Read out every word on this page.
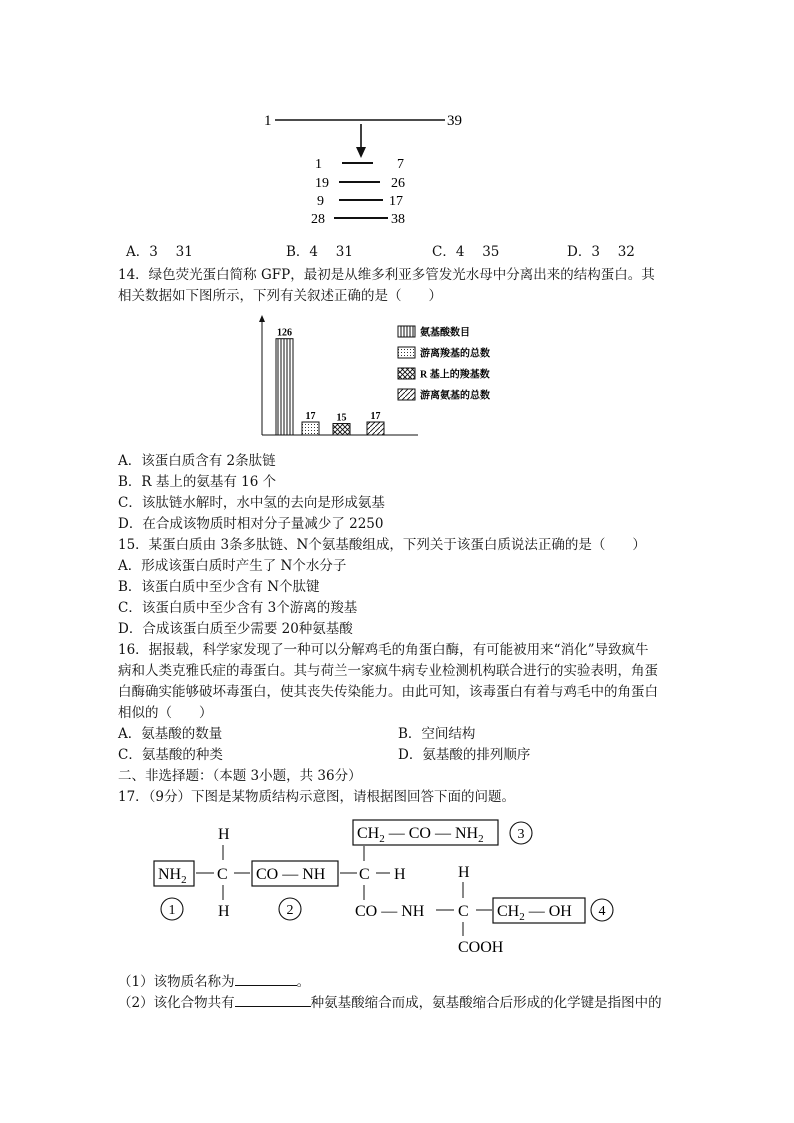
1	39
1	7
19	26
9	17
28	38
A．3　 31	B．4　 31	C．4　 35	D．3　 32
14．绿色荧光蛋白简称 GFP，最初是从维多利亚多管发光水母中分离出来的结构蛋白。其
相关数据如下图所示，下列有关叙述正确的是（　　）
126
17 15 17
氨基酸数目
游离羧基的总数
R 基上的羧基数
游离氨基的总数
A．该蛋白质含有 2条肽链
B．R 基上的氨基有 16 个
C．该肽链水解时，水中氢的去向是形成氨基
D．在合成该物质时相对分子量减少了 2250
15．某蛋白质由 3条多肽链、N个氨基酸组成，下列关于该蛋白质说法正确的是（　　）
A．形成该蛋白质时产生了 N个水分子
B．该蛋白质中至少含有 N个肽键
C．该蛋白质中至少含有 3个游离的羧基
D．合成该蛋白质至少需要 20种氨基酸
16．据报载，科学家发现了一种可以分解鸡毛的角蛋白酶，有可能被用来“消化”导致疯牛
病和人类克雅氏症的毒蛋白。其与荷兰一家疯牛病专业检测机构联合进行的实验表明，角蛋
白酶确实能够破坏毒蛋白，使其丧失传染能力。由此可知，该毒蛋白有着与鸡毛中的角蛋白
相似的（　　）
A．氨基酸的数量	B．空间结构
C．氨基酸的种类	D．氨基酸的排列顺序
二、非选择题：（本题 3小题，共 36分）
17．（9分）下图是某物质结构示意图，请根据图回答下面的问题。
H
$NH_2$ C CO — NH
H
C H
$CH_2$ — CO — $NH_2$
CO — NH C
H
COOH
$CH_2$ — OH
1	2
3
4
（1）该物质名称为	。
（2）该化合物共有	种氨基酸缩合而成，氨基酸缩合后形成的化学键是指图中的
